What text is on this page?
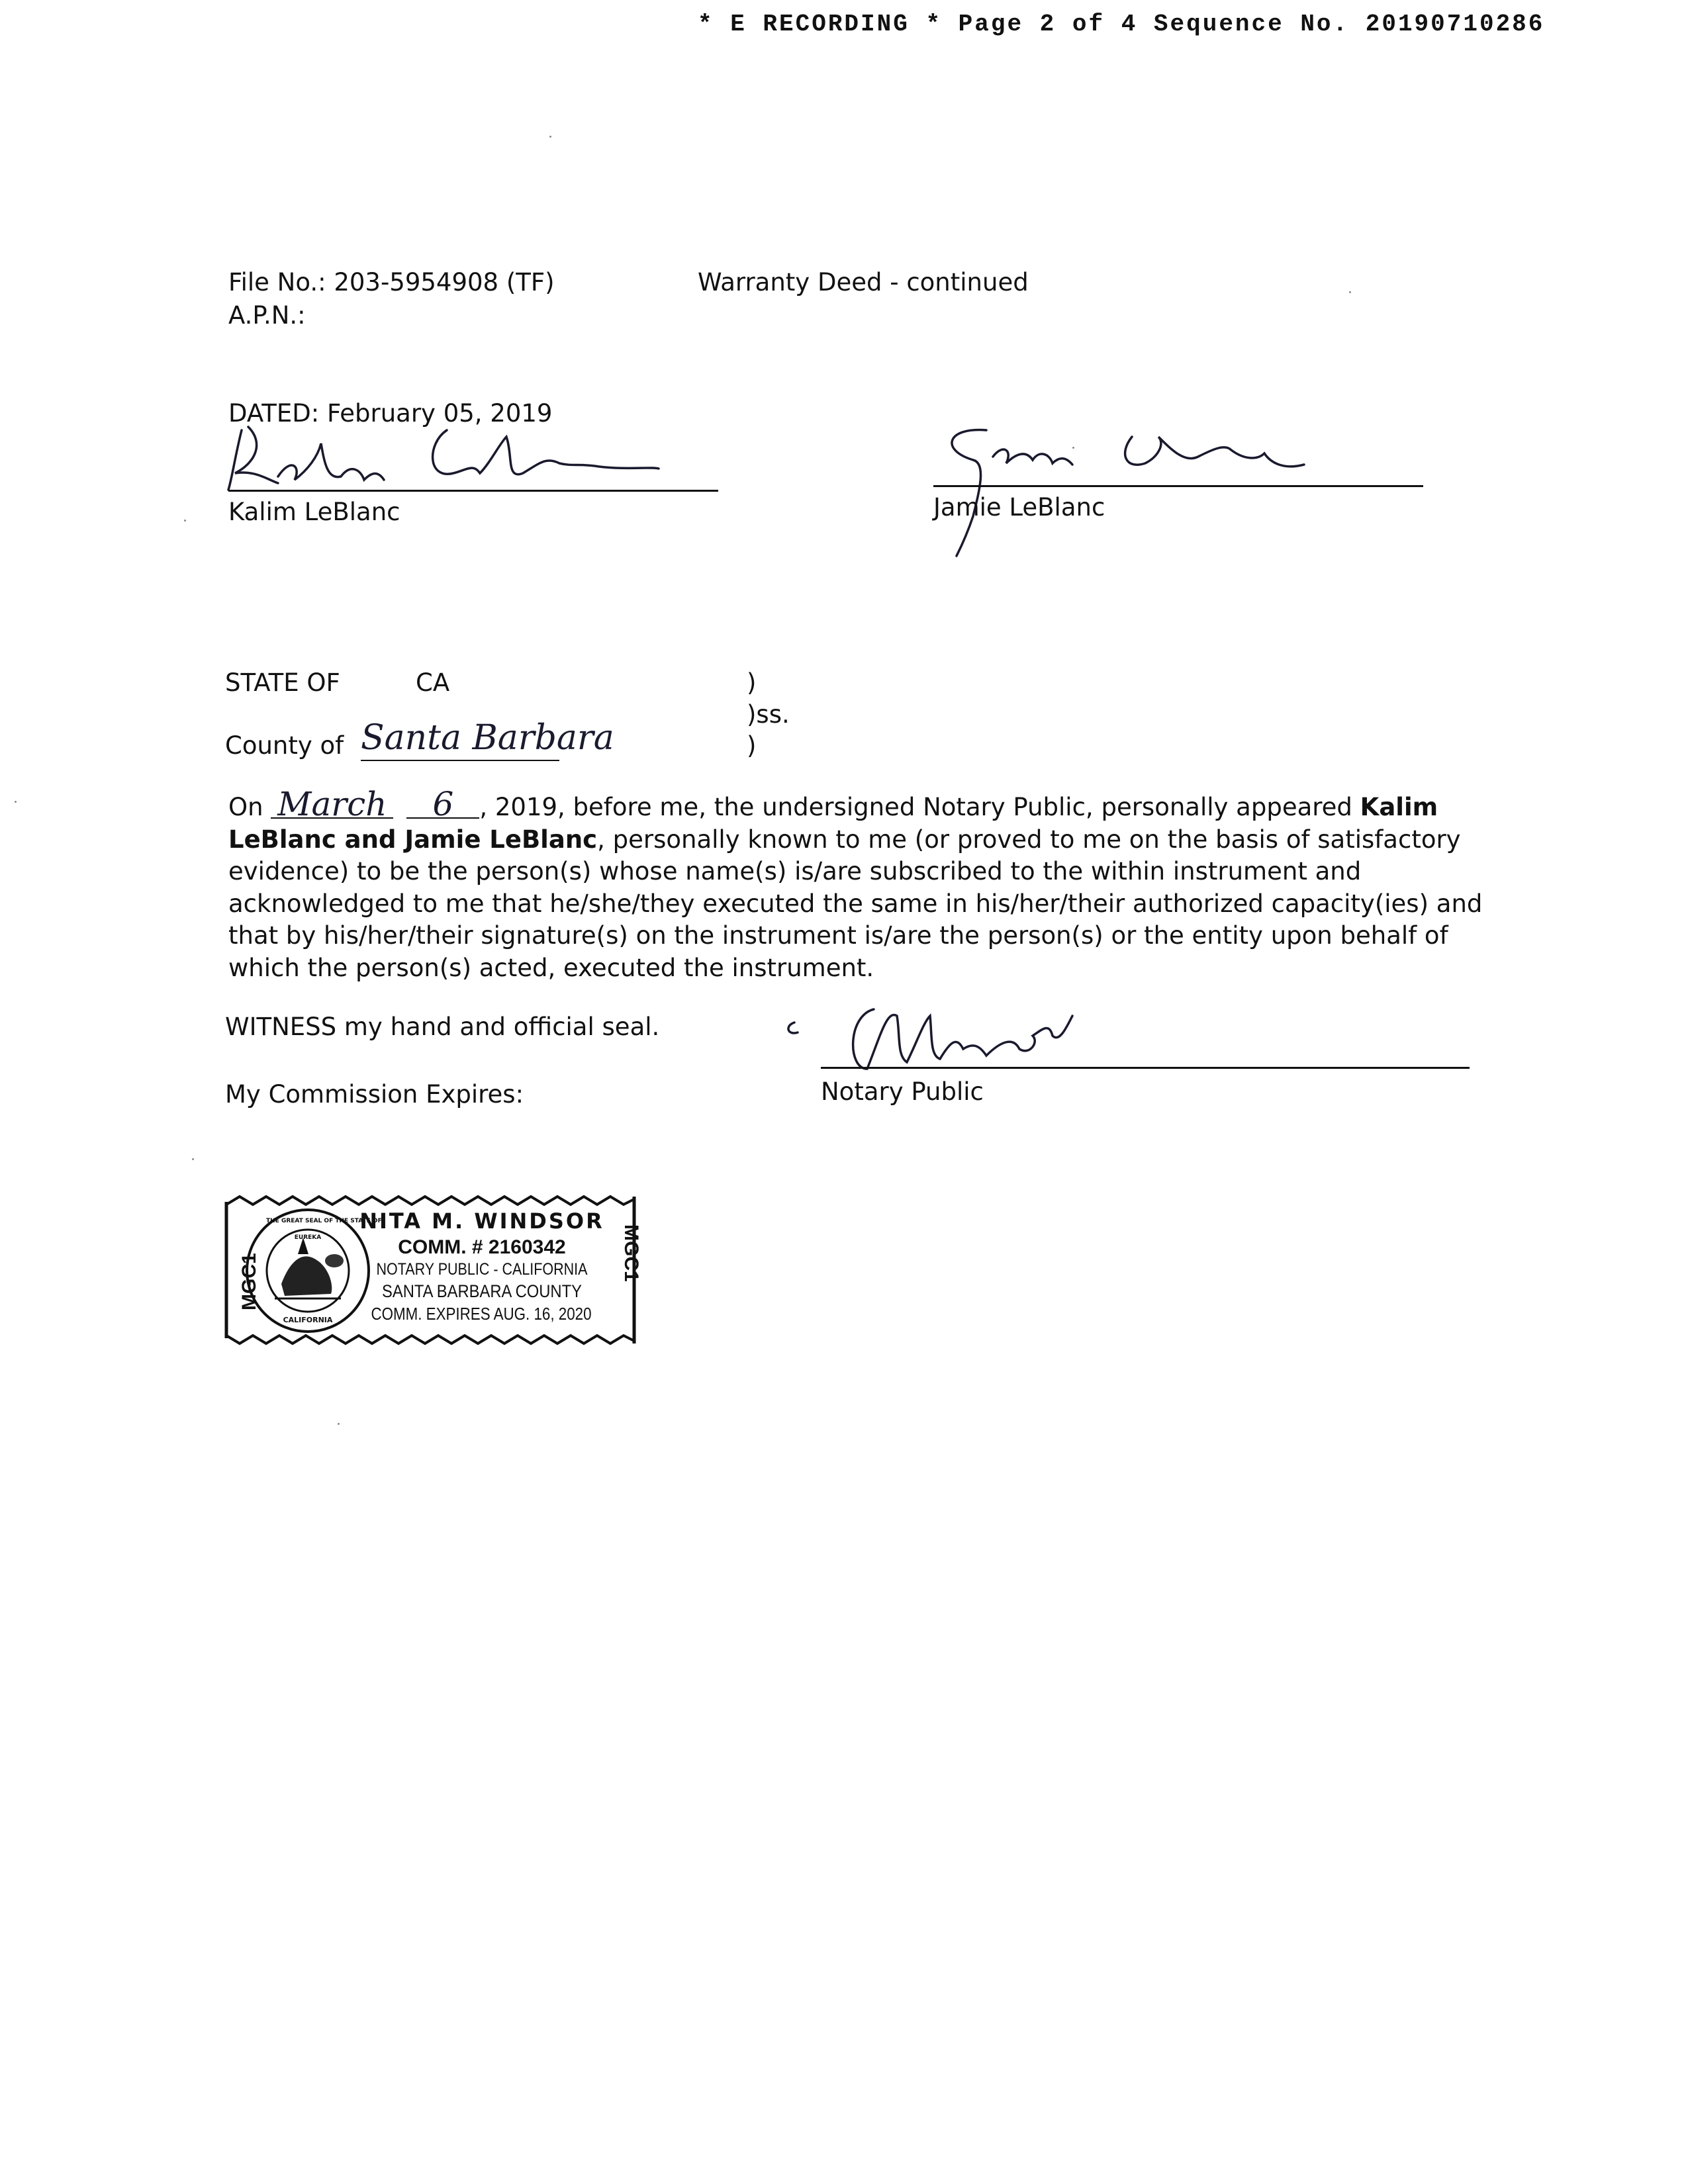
* E RECORDING * Page 2 of 4 Sequence No. 20190710286
File No.: 203-5954908 (TF)
A.P.N.:
Warranty Deed - continued
DATED: February 05, 2019
Kalim LeBlanc	Jamie LeBlanc
STATE OF	CA
County of Santa Barbara
)
)ss.
)
On March 6 , 2019, before me, the undersigned Notary Public, personally appeared Kalim
LeBlanc and Jamie LeBlanc, personally known to me (or proved to me on the basis of satisfactory
evidence) to be the person(s) whose name(s) is/are subscribed to the within instrument and
acknowledged to me that he/she/they executed the same in his/her/their authorized capacity(ies) and
that by his/her/their signature(s) on the instrument is/are the person(s) or the entity upon behalf of
which the person(s) acted, executed the instrument.
WITNESS my hand and official seal.
My Commission Expires:	Notary Public
MGC1	MGC1
THE GREAT SEAL OF THE STATE OF
EUREKA
CALIFORNIA
NITA M. WINDSOR
COMM. # 2160342
NOTARY PUBLIC - CALIFORNIA
SANTA BARBARA COUNTY
COMM. EXPIRES AUG. 16, 2020
